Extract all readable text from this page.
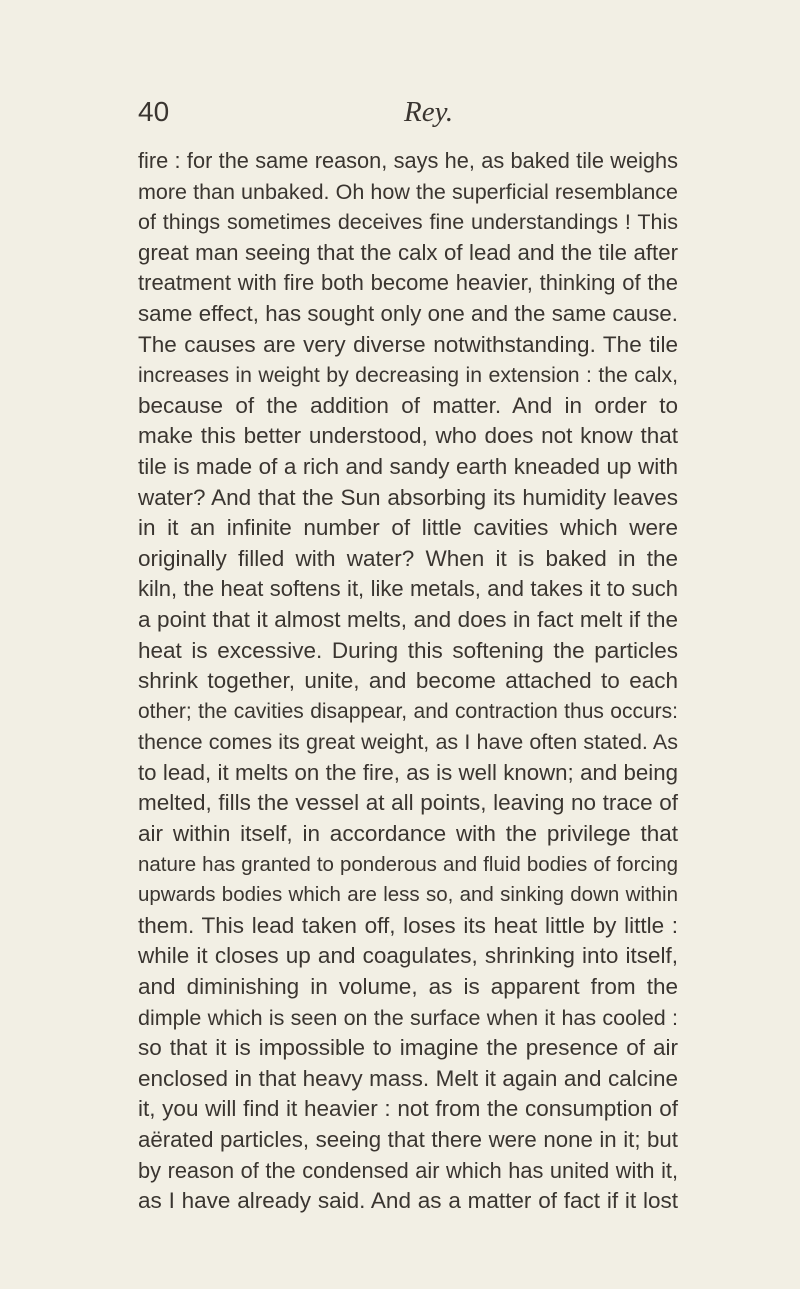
40	Rey.
fire : for the same reason, says he, as baked tile weighs
more than unbaked. Oh how the superficial resemblance
of things sometimes deceives fine understandings ! This
great man seeing that the calx of lead and the tile after
treatment with fire both become heavier, thinking of the
same effect, has sought only one and the same cause.
The causes are very diverse notwithstanding. The tile
increases in weight by decreasing in extension : the calx,
because of the addition of matter. And in order to
make this better understood, who does not know that
tile is made of a rich and sandy earth kneaded up with
water? And that the Sun absorbing its humidity leaves
in it an infinite number of little cavities which were
originally filled with water? When it is baked in the
kiln, the heat softens it, like metals, and takes it to such
a point that it almost melts, and does in fact melt if the
heat is excessive. During this softening the particles
shrink together, unite, and become attached to each
other; the cavities disappear, and contraction thus occurs:
thence comes its great weight, as I have often stated. As
to lead, it melts on the fire, as is well known; and being
melted, fills the vessel at all points, leaving no trace of
air within itself, in accordance with the privilege that
nature has granted to ponderous and fluid bodies of forcing
upwards bodies which are less so, and sinking down within
them. This lead taken off, loses its heat little by little :
while it closes up and coagulates, shrinking into itself,
and diminishing in volume, as is apparent from the
dimple which is seen on the surface when it has cooled :
so that it is impossible to imagine the presence of air
enclosed in that heavy mass. Melt it again and calcine
it, you will find it heavier : not from the consumption of
aërated particles, seeing that there were none in it; but
by reason of the condensed air which has united with it,
as I have already said. And as a matter of fact if it lost
